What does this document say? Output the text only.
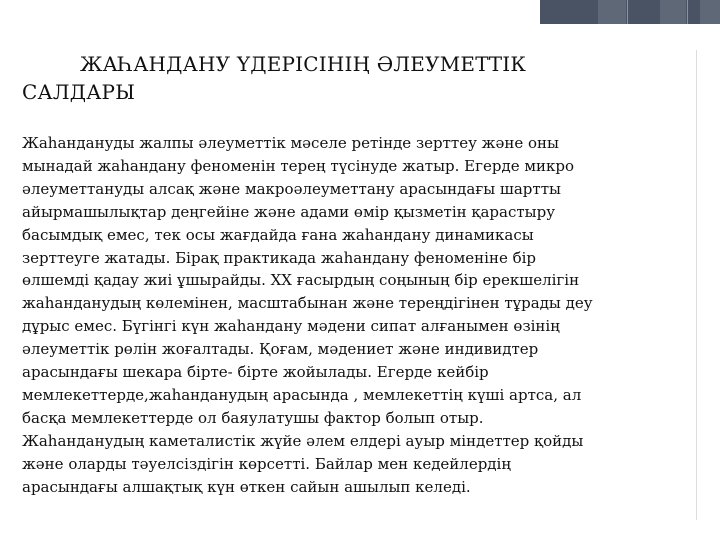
ЖАҺАНДАНУ ҮДЕРІСІНІҢ ӘЛЕУМЕТТІК
САЛДАРЫ
Жаһандануды жалпы әлеуметтік мәселе ретінде зерттеу және оны
мынадай жаһандану феноменін терең түсінуде жатыр. Егерде микро
әлеуметтануды алсақ және макроәлеуметтану арасындағы шартты
айырмашылықтар деңгейіне және адами өмір қызметін қарастыру
басымдық емес, тек осы жағдайда ғана жаһандану динамикасы
зерттеуге жатады. Бірақ практикада жаһандану феноменіне бір
өлшемді қадау жиі ұшырайды. XX ғасырдың соңының бір ерекшелігін
жаһанданудың көлемінен, масштабынан және тереңдігінен тұрады деу
дұрыс емес. Бүгінгі күн жаһандану мәдени сипат алғанымен өзінің
әлеуметтік рөлін жоғалтады. Қоғам, мәдениет және индивидтер
арасындағы шекара бірте- бірте жойылады. Егерде кейбір
мемлекеттерде,жаһанданудың арасында , мемлекеттің күші артса, ал
басқа мемлекеттерде ол баяулатушы фактор болып отыр.
Жаһанданудың каметалистік жүйе әлем елдері ауыр міндеттер қойды
және оларды тәуелсіздігін көрсетті. Байлар мен кедейлердің
арасындағы алшақтық күн өткен сайын ашылып келеді.
